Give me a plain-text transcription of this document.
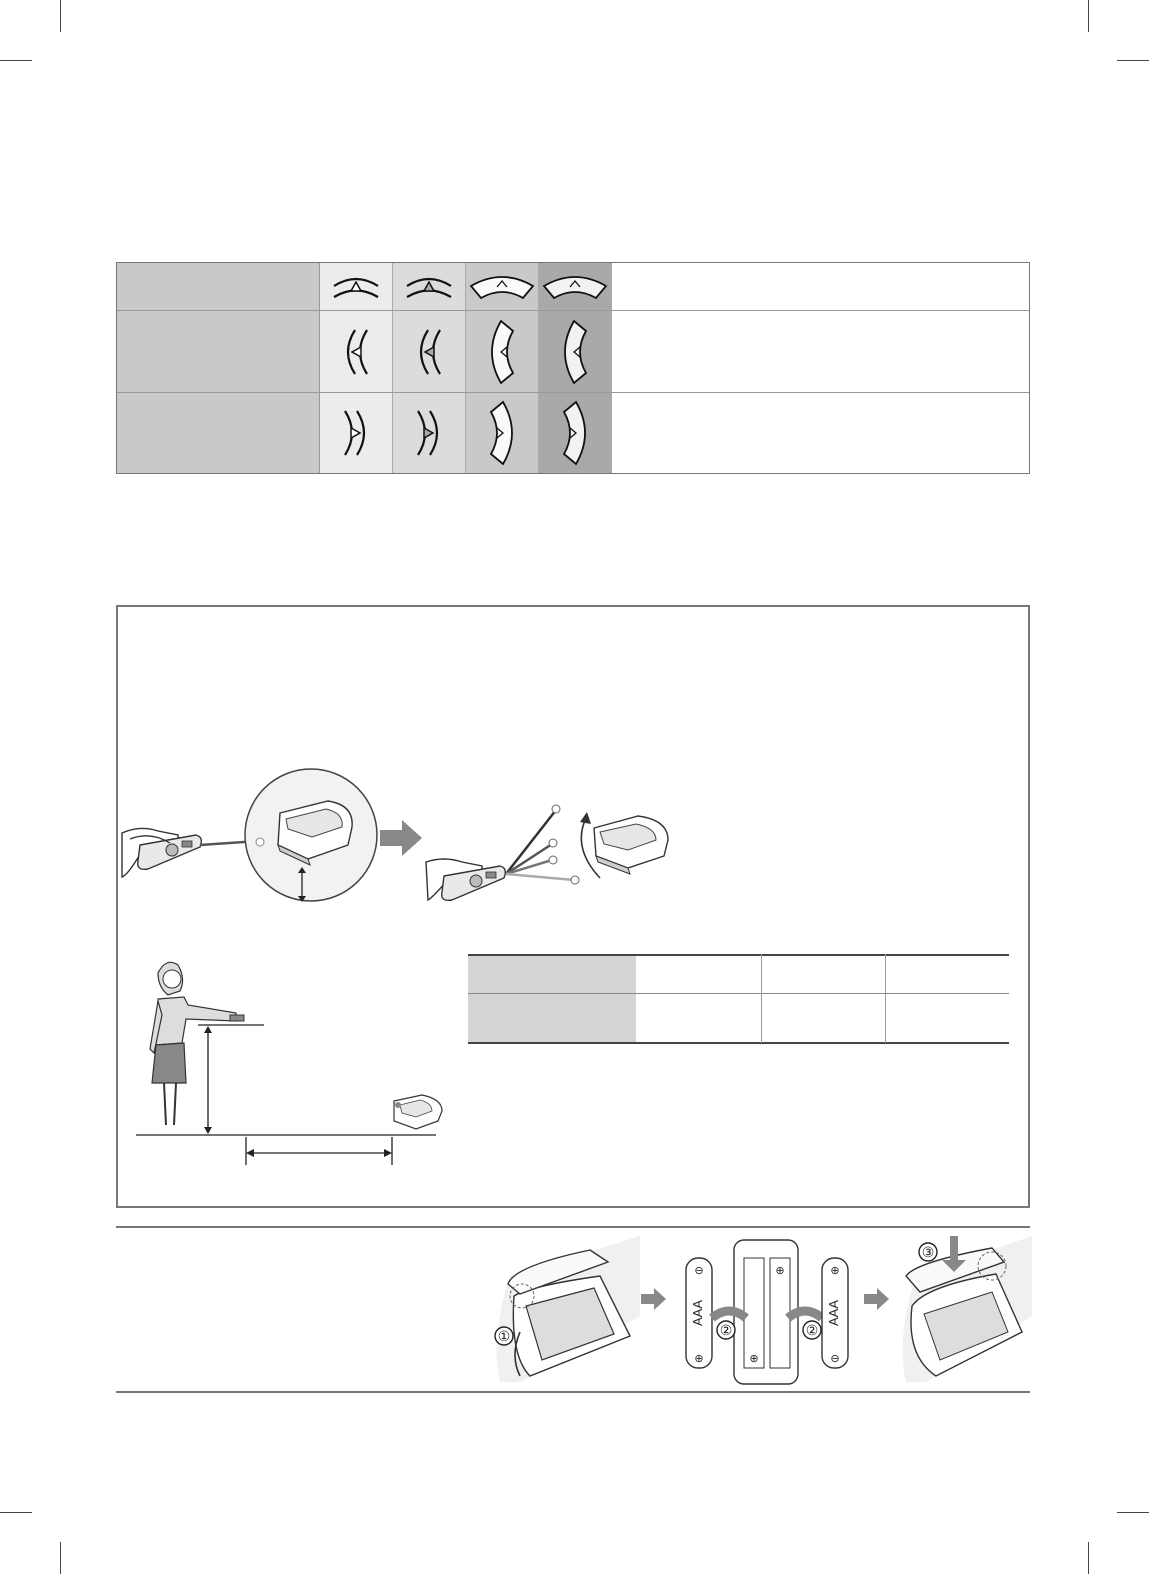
①
AAA
⊖
⊕
⊕
⊕
AAA
⊕
⊖
②	②
③
